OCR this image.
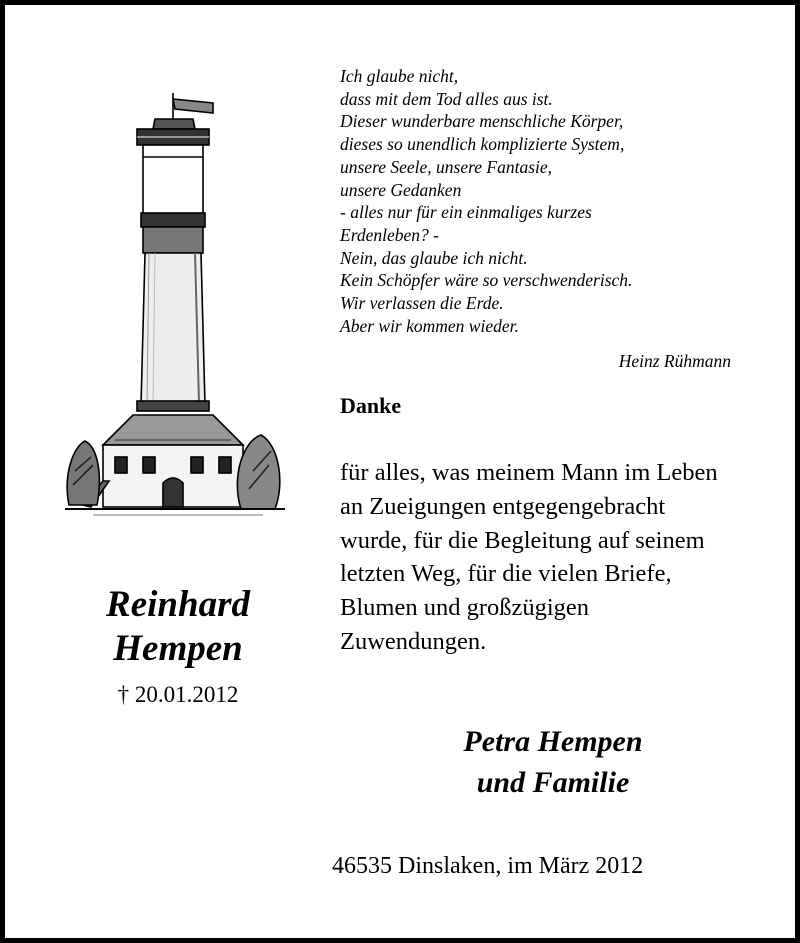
Ich glaube nicht,
dass mit dem Tod alles aus ist.
Dieser wunderbare menschliche Körper,
dieses so unendlich komplizierte System,
unsere Seele, unsere Fantasie,
unsere Gedanken
- alles nur für ein einmaliges kurzes
Erdenleben? -
Nein, das glaube ich nicht.
Kein Schöpfer wäre so verschwenderisch.
Wir verlassen die Erde.
Aber wir kommen wieder.
Heinz Rühmann
Danke
für alles, was meinem Mann im Leben
an Zueigungen entgegengebracht
wurde, für die Begleitung auf seinem
letzten Weg, für die vielen Briefe,
Blumen und großzügigen
Zuwendungen.
Petra Hempen
und Familie
46535 Dinslaken, im März 2012
Reinhard
Hempen
† 20.01.2012
